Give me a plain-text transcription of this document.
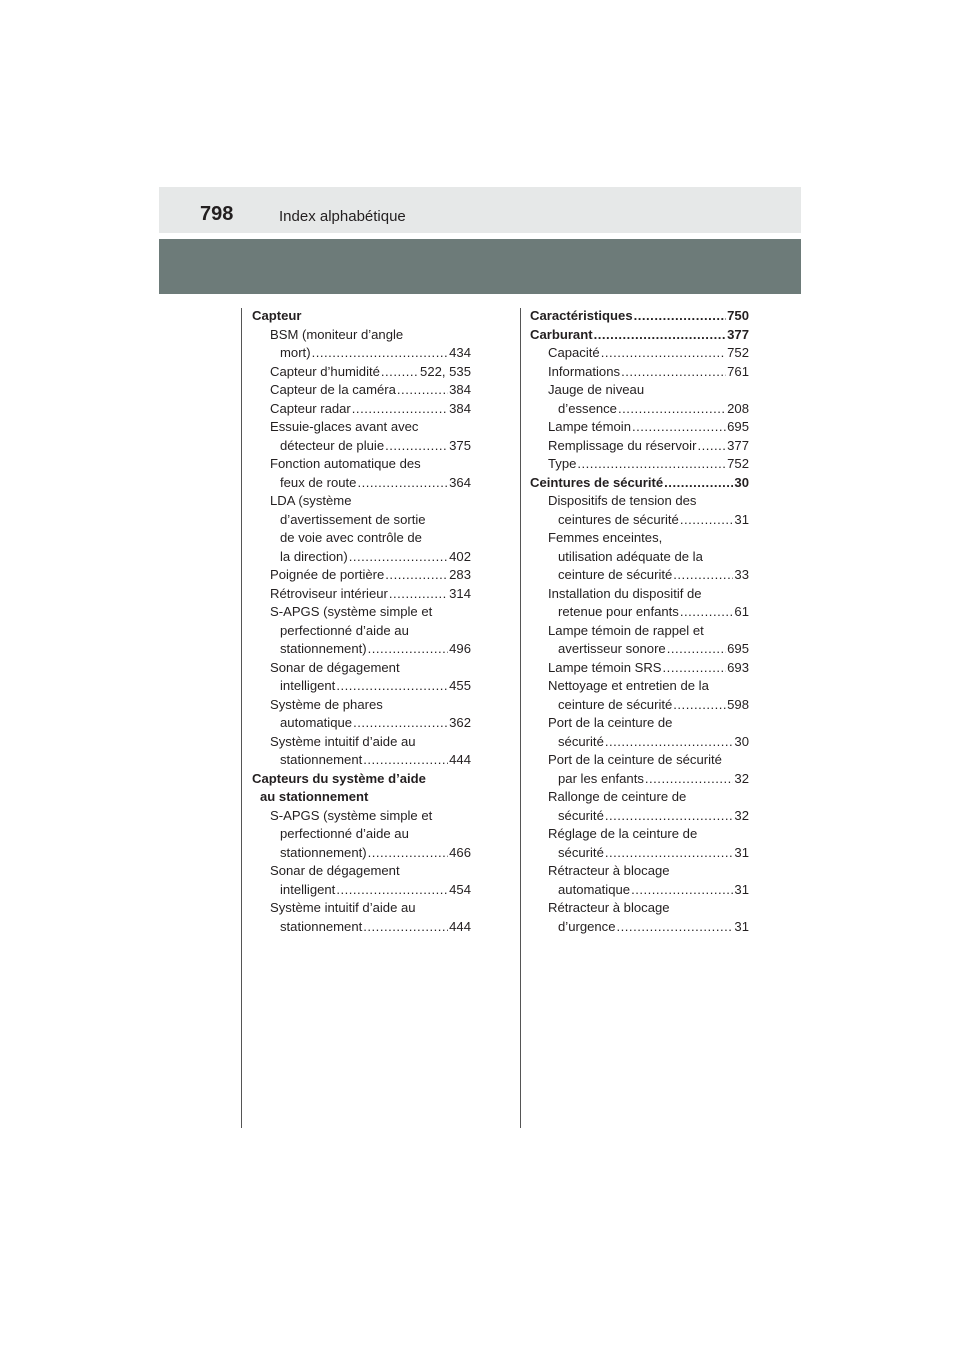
798	Index alphabétique
Capteur
BSM (moniteur d’angle
mort) .....	434
Capteur d’humidité .....	522, 535
Capteur de la caméra .....	384
Capteur radar .....	384
Essuie-glaces avant avec
détecteur de pluie .....	375
Fonction automatique des
feux de route .....	364
LDA (système
d’avertissement de sortie
de voie avec contrôle de
la direction) .....	402
Poignée de portière .....	283
Rétroviseur intérieur .....	314
S-APGS (système simple et
perfectionné d’aide au
stationnement) .....	496
Sonar de dégagement
intelligent .....	455
Système de phares
automatique .....	362
Système intuitif d’aide au
stationnement .....	444
Capteurs du système d’aide
au stationnement
S-APGS (système simple et
perfectionné d’aide au
stationnement) .....	466
Sonar de dégagement
intelligent .....	454
Système intuitif d’aide au
stationnement .....	444
Caractéristiques .....	750
Carburant .....	377
Capacité .....	752
Informations .....	761
Jauge de niveau
d’essence .....	208
Lampe témoin .....	695
Remplissage du réservoir ..... 377
Type .....	752
Ceintures de sécurité .....	30
Dispositifs de tension des
ceintures de sécurité .....	31
Femmes enceintes,
utilisation adéquate de la
ceinture de sécurité .....	33
Installation du dispositif de
retenue pour enfants .....	61
Lampe témoin de rappel et
avertisseur sonore .....	695
Lampe témoin SRS .....	693
Nettoyage et entretien de la
ceinture de sécurité .....	598
Port de la ceinture de
sécurité .....	30
Port de la ceinture de sécurité
par les enfants .....	32
Rallonge de ceinture de
sécurité .....	32
Réglage de la ceinture de
sécurité .....	31
Rétracteur à blocage
automatique .....	31
Rétracteur à blocage
d’urgence .....	31
